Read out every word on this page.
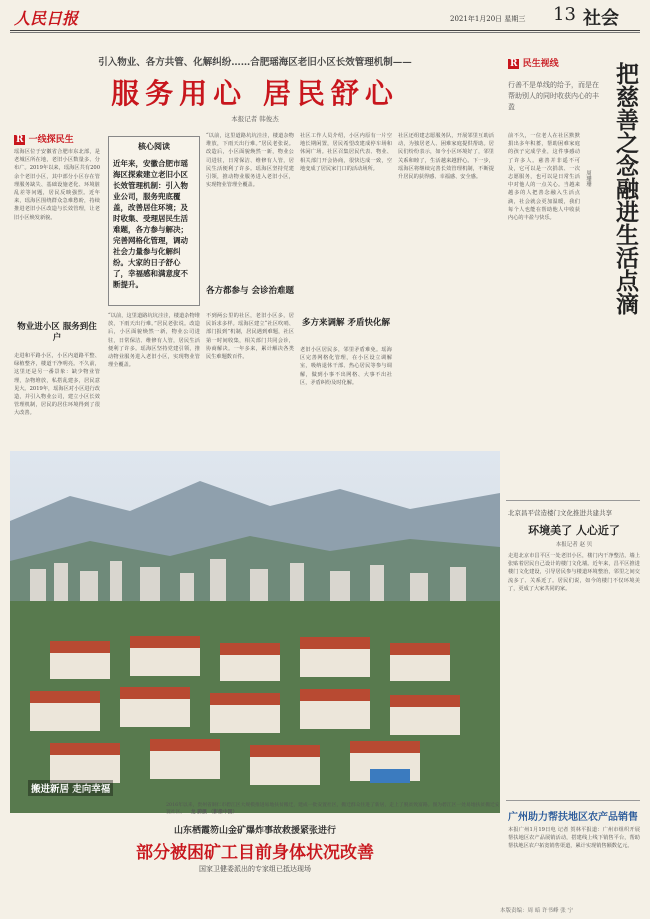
人民日报	2021年1月20日 星期三 13 社会
引入物业、各方共管、化解纠纷……合肥瑶海区老旧小区长效管理机制——
服务用心 居民舒心
本报记者 韩俊杰
R 一线探民生
瑶海区位于安徽省合肥市东北部，是老城区所在地，老旧小区数量多、分布广。2019年以来，瑶海区共有200余个老旧小区，其中部分小区存在管理服务缺失、基础设施老化、环境脏乱差等问题，居民反映强烈。近年来，瑶海区围绕群众急难愁盼，持续推进老旧小区改造与长效管理，让老旧小区焕发新貌。
物业进小区 服务到住户
走进和平路小区，小区内道路平整、绿植整齐，楼道干净明亮。不久前，这里还是另一番景象：缺少物业管理，杂物堆放，私搭乱建多，居民意见大。2019年，瑶海区对小区进行改造，并引入物业公司，建立小区长效管理机制，居民的居住环境得到了很大改善。
核心阅读
近年来，安徽合肥市瑶海区探索建立老旧小区长效管理机制：引入物业公司，服务兜底覆盖，改善居住环境；及时收集、受理居民生活难题，各方参与解决；完善网格化管理，调动社会力量参与化解纠纷。大家的日子舒心了，幸福感和满意度不断提升。
“以前，这里道路坑坑洼洼，楼道杂物堆放，下雨天出行难。”居民老张说。改造后，小区面貌焕然一新，物业公司进驻，日常保洁、维修有人管，居民生活便利了许多。瑶海区坚持党建引领，推动物业服务进入老旧小区，实现物业管理全覆盖。
“以前，这里道路坑坑洼洼，楼道杂物堆放，下雨天出行难。”居民老张说。改造后，小区面貌焕然一新，物业公司进驻，日常保洁、维修有人管，居民生活便利了许多。瑶海区坚持党建引领，推动物业服务进入老旧小区，实现物业管理全覆盖。
各方都参与 会诊治难题
不到两公里的社区，老旧小区多，居民诉求多样。瑶海区建立“社区吹哨、部门报到”机制，居民遇到难题，社区第一时间收集，相关部门共同会诊，协商解决。一年多来，累计解决各类民生难题数百件。
社区工作人员介绍，小区内原有一片空地长期闲置，居民希望改建成停车场和休闲广场。社区召集居民代表、物业、相关部门开会协商，很快达成一致，空地变成了居民家门口的活动场所。
多方来调解 矛盾快化解
老旧小区居民多，邻里矛盾难免。瑶海区完善网格化管理，在小区设立调解室，吸纳退休干部、热心居民等参与调解，做到小事不出网格、大事不出社区，矛盾纠纷及时化解。
社区还组建志愿服务队，开展邻里互助活动，为独居老人、困难家庭提供帮助。居民们纷纷表示，如今小区环境好了，邻里关系和睦了，生活越来越舒心。下一步，瑶海区将继续完善长效管理机制，不断提升居民的获得感、幸福感、安全感。
R 民生视线
行善不是单线的给予，而是在帮助别人的同时收获内心的丰盈	把慈善之念融进生活点滴
周珊珊
前不久，一位老人在社区默默捐出多年积蓄，帮助困难家庭的孩子完成学业，这件事感动了许多人。慈善并非遥不可及，它可以是一次捐款、一次志愿服务，也可以是日常生活中对他人的一点关心。当越来越多的人把善念融入生活点滴，社会就会更加温暖，我们每个人也能在帮助他人中收获内心的丰盈与快乐。
北京昌平营造楼门文化推进共建共享
环境美了 人心近了
本报记者 赵 贝
走进北京市昌平区一处老旧小区，楼门内干净整洁，墙上张贴着居民自己设计的楼门文化墙。近年来，昌平区推进楼门文化建设，引导居民参与楼道环境整治，邻里之间交流多了、关系近了。居民们说，如今的楼门不仅环境美了，更成了大家共同的家。
广州助力帮扶地区农产品销售
本报广州1月19日电 记者 贺林平报道：广州市组织开展帮扶地区农产品展销活动，搭建线上线下销售平台，帮助帮扶地区农户拓宽销售渠道，累计实现销售额数亿元。
搬进新居 走向幸福
2016年以来，贵州省铜仁市碧江区大规模推进易地扶贫搬迁，建成一批安置社区，搬迁群众住进了新居，走上了脱贫致富路。图为碧江区一处易地扶贫搬迁安置社区。 龙 蔚摄 （影像中国）
山东栖霞笏山金矿爆炸事故救援紧张进行
部分被困矿工目前身体状况改善
国家卫健委派出的专家组已抵达现场
本版责编：周 暗 许书峰 张 宁
